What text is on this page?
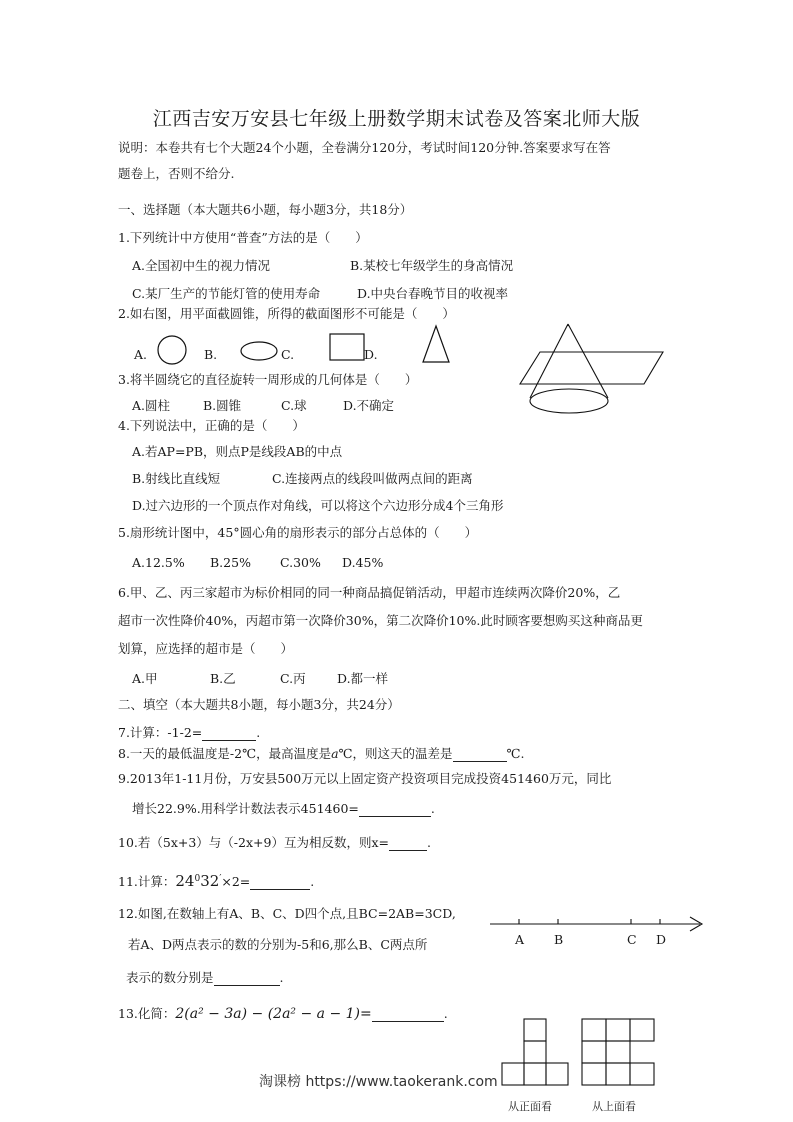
江西吉安万安县七年级上册数学期末试卷及答案北师大版
说明：本卷共有七个大题24个小题，全卷满分120分，考试时间120分钟.答案要求写在答
题卷上，否则不给分.
一、选择题（本大题共6小题，每小题3分，共18分）
1.下列统计中方使用“普查”方法的是（　　）
A.全国初中生的视力情况	B.某校七年级学生的身高情况
C.某厂生产的节能灯管的使用寿命	D.中央台春晚节目的收视率
2.如右图，用平面截圆锥，所得的截面图形不可能是（　　）
A.	B.	C.	D.
3.将半圆绕它的直径旋转一周形成的几何体是（　　）
A.圆柱	B.圆锥	C.球	D.不确定
4.下列说法中，正确的是（　　）
A.若AP=PB，则点P是线段AB的中点
B.射线比直线短	C.连接两点的线段叫做两点间的距离
D.过六边形的一个顶点作对角线，可以将这个六边形分成4个三角形
5.扇形统计图中，45°圆心角的扇形表示的部分占总体的（　　）
A.12.5% B.25% C.30% D.45%
6.甲、乙、丙三家超市为标价相同的同一种商品搞促销活动，甲超市连续两次降价20%，乙
超市一次性降价40%，丙超市第一次降价30%，第二次降价10%.此时顾客要想购买这种商品更
划算，应选择的超市是（　　）
A.甲	B.乙	C.丙	D.都一样
二、填空（本大题共8小题，每小题3分，共24分）
7.计算：-1-2=	.
8.一天的最低温度是-2℃，最高温度是a℃，则这天的温差是	℃.
9.2013年1-11月份，万安县500万元以上固定资产投资项目完成投资451460万元，同比
增长22.9%.用科学计数法表示451460=	.
10.若（5x+3）与（-2x+9）互为相反数，则x=	.
11.计算：$24^032'\times 2=$	.
12.如图,在数轴上有A、B、C、D四个点,且BC=2AB=3CD,
若A、D两点表示的数的分别为-5和6,那么B、C两点所
表示的数分别是	.
A B	C D
13.化简：2(a² − 3a) − (2a² − a − 1)=	.
从正面看	从上面看
淘课榜 https://www.taokerank.com
